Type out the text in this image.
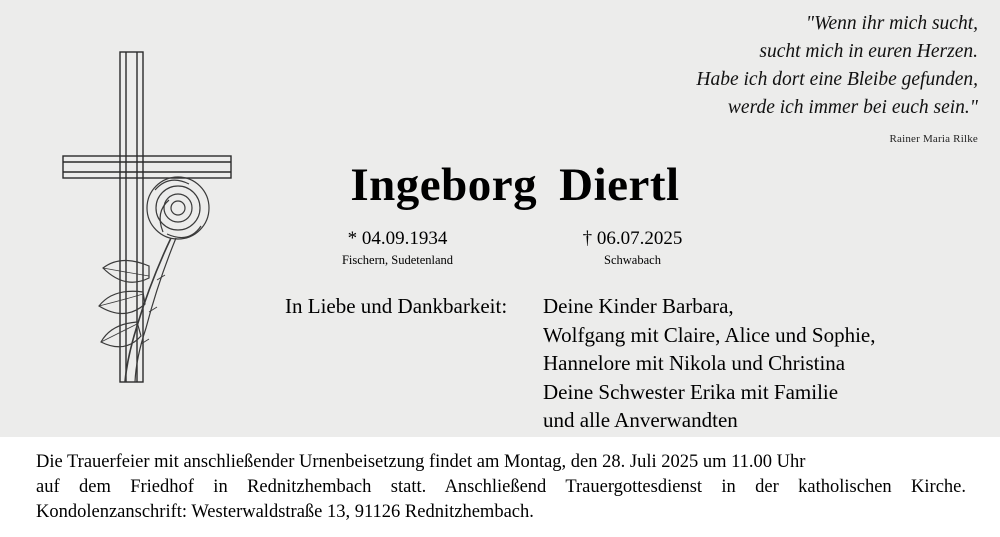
"Wenn ihr mich sucht,
sucht mich in euren Herzen.
Habe ich dort eine Bleibe gefunden,
werde ich immer bei euch sein."
Rainer Maria Rilke
Ingeborg Diertl
* 04.09.1934
Fischern, Sudetenland
† 06.07.2025
Schwabach
In Liebe und Dankbarkeit: Deine Kinder Barbara,
Wolfgang mit Claire, Alice und Sophie,
Hannelore mit Nikola und Christina
Deine Schwester Erika mit Familie
und alle Anverwandten
Die Trauerfeier mit anschließender Urnenbeisetzung findet am Montag, den 28. Juli 2025 um 11.00 Uhr
auf dem Friedhof in Rednitzhembach statt. Anschließend Trauergottesdienst in der katholischen Kirche.
Kondolenzanschrift: Westerwaldstraße 13, 91126 Rednitzhembach.
